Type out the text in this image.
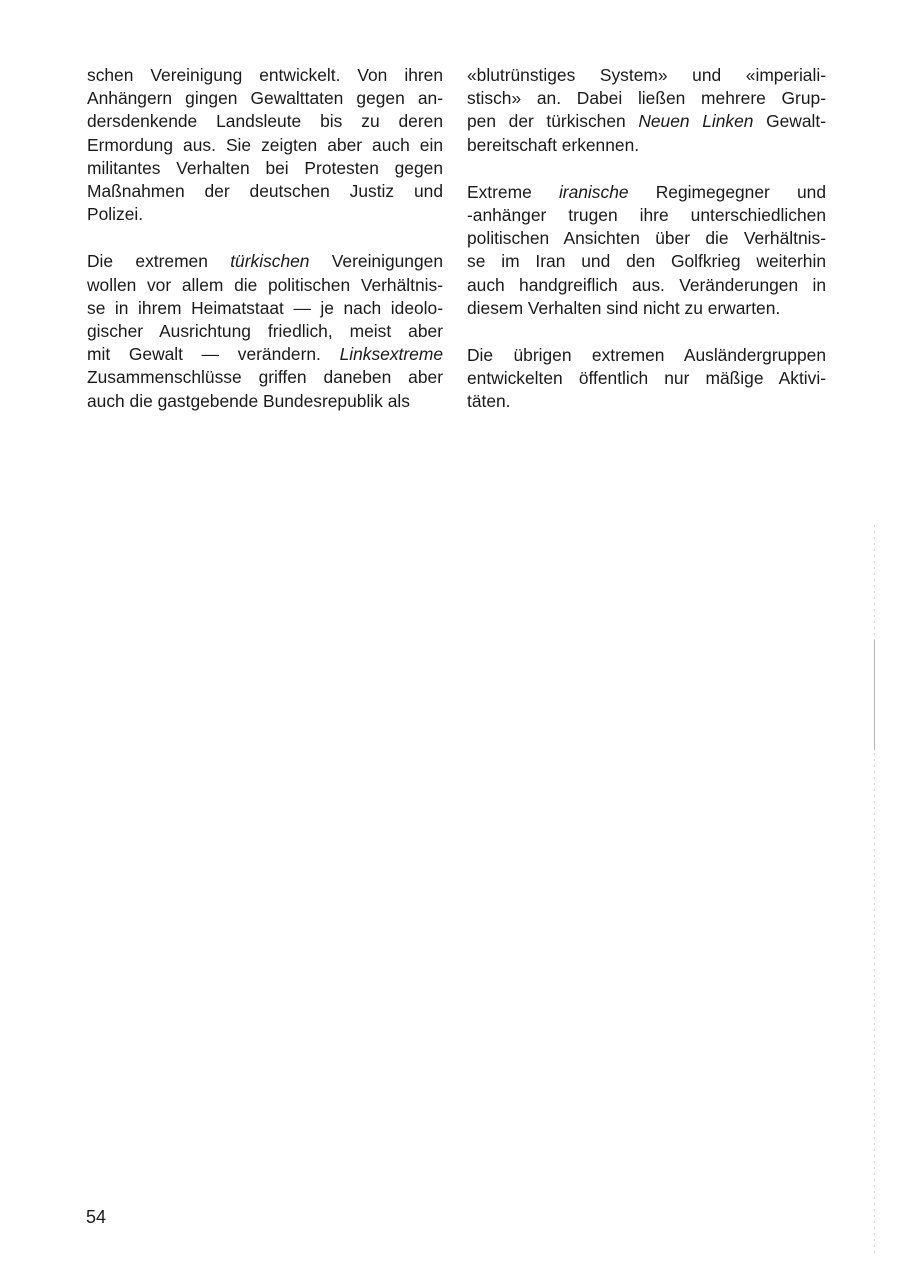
schen Vereinigung entwickelt. Von ihren
Anhängern gingen Gewalttaten gegen an-
dersdenkende Landsleute bis zu deren
Ermordung aus. Sie zeigten aber auch ein
militantes Verhalten bei Protesten gegen
Maßnahmen der deutschen Justiz und
Polizei.

Die extremen türkischen Vereinigungen
wollen vor allem die politischen Verhältnis-
se in ihrem Heimatstaat — je nach ideolo-
gischer Ausrichtung friedlich, meist aber
mit Gewalt — verändern. Linksextreme
Zusammenschlüsse griffen daneben aber
auch die gastgebende Bundesrepublik als

«blutrünstiges System» und «imperiali-
stisch» an. Dabei ließen mehrere Grup-
pen der türkischen Neuen Linken Gewalt-
bereitschaft erkennen.

Extreme iranische Regimegegner und
-anhänger trugen ihre unterschiedlichen
politischen Ansichten über die Verhältnis-
se im Iran und den Golfkrieg weiterhin
auch handgreiflich aus. Veränderungen in
diesem Verhalten sind nicht zu erwarten.

Die übrigen extremen Ausländergruppen
entwickelten öffentlich nur mäßige Aktivi-
täten.

54
